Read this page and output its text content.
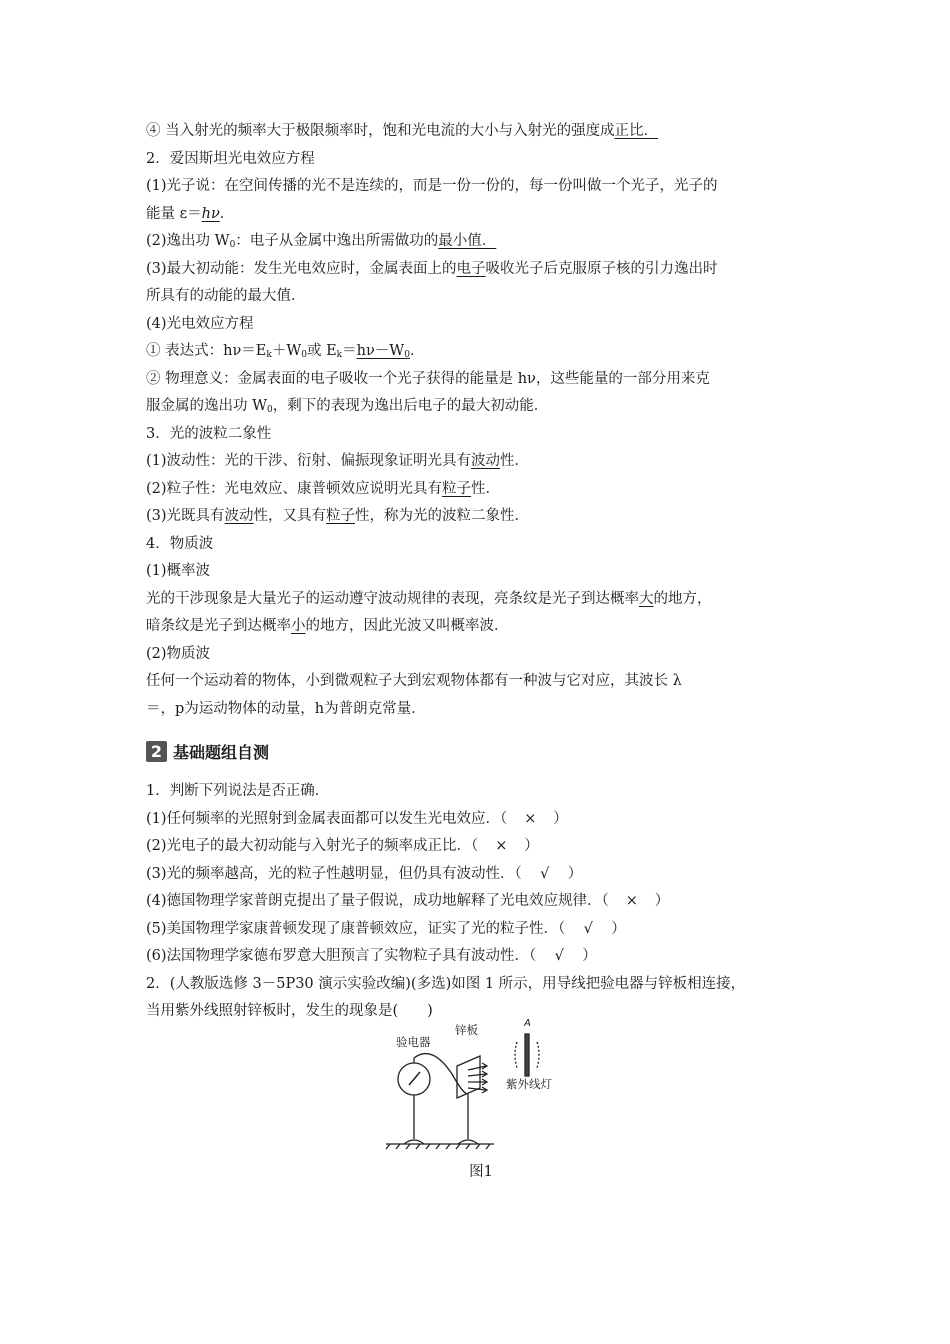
④ 当入射光的频率大于极限频率时，饱和光电流的大小与入射光的强度成正比．
2．爱因斯坦光电效应方程
(1)光子说：在空间传播的光不是连续的，而是一份一份的，每一份叫做一个光子，光子的
能量 ε＝hν．
(2)逸出功 $W_0$：电子从金属中逸出所需做功的最小值．
(3)最大初动能：发生光电效应时，金属表面上的电子吸收光子后克服原子核的引力逸出时
所具有的动能的最大值．
(4)光电效应方程
① 表达式：$h\nu=E_k+W_0$或 $E_k=h\nu-W_0$．
② 物理意义：金属表面的电子吸收一个光子获得的能量是 hν，这些能量的一部分用来克
服金属的逸出功 $W_0$，剩下的表现为逸出后电子的最大初动能．
3．光的波粒二象性
(1)波动性：光的干涉、衍射、偏振现象证明光具有波动性．
(2)粒子性：光电效应、康普顿效应说明光具有粒子性．
(3)光既具有波动性，又具有粒子性，称为光的波粒二象性．
4．物质波
(1)概率波
光的干涉现象是大量光子的运动遵守波动规律的表现，亮条纹是光子到达概率大的地方，
暗条纹是光子到达概率小的地方，因此光波又叫概率波．
(2)物质波
任何一个运动着的物体，小到微观粒子大到宏观物体都有一种波与它对应，其波长 λ
＝，p为运动物体的动量，h为普朗克常量．
2 基础题组自测
1．判断下列说法是否正确．
(1)任何频率的光照射到金属表面都可以发生光电效应．（ × ）
(2)光电子的最大初动能与入射光子的频率成正比．（ × ）
(3)光的频率越高，光的粒子性越明显，但仍具有波动性．（ √ ）
(4)德国物理学家普朗克提出了量子假说，成功地解释了光电效应规律．（ × ）
(5)美国物理学家康普顿发现了康普顿效应，证实了光的粒子性．（ √ ）
(6)法国物理学家德布罗意大胆预言了实物粒子具有波动性．（ √ ）
2．(人教版选修 3－5P30 演示实验改编)(多选)如图 1 所示，用导线把验电器与锌板相连接，
当用紫外线照射锌板时，发生的现象是(　　)
验电器
锌板
紫外线灯
A
图1
